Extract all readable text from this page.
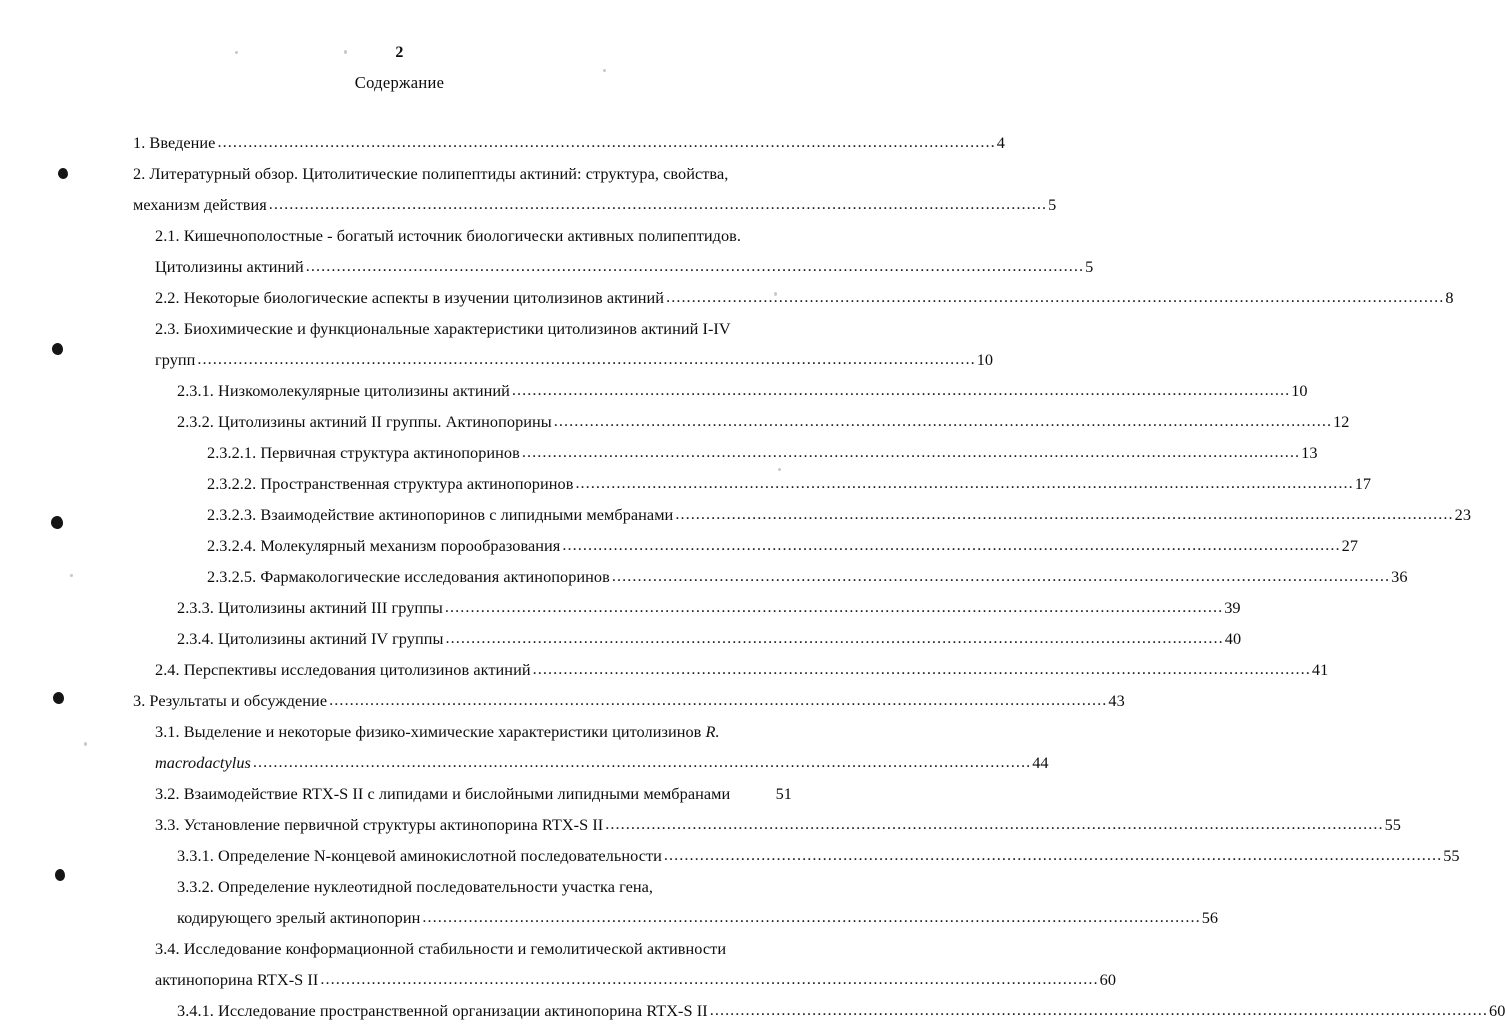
2
Содержание
1. Введение .....	4
2. Литературный обзор. Цитолитические полипептиды актиний: структура, свойства,
механизм действия .....	5
2.1. Кишечнополостные - богатый источник биологически активных полипептидов.
Цитолизины актиний .....	5
2.2. Некоторые биологические аспекты в изучении цитолизинов актиний .....	8
2.3. Биохимические и функциональные характеристики цитолизинов актиний I-IV
групп .....	10
2.3.1. Низкомолекулярные цитолизины актиний .....	10
2.3.2. Цитолизины актиний II группы. Актинопорины .....	12
2.3.2.1. Первичная структура актинопоринов .....	13
2.3.2.2. Пространственная структура актинопоринов .....	17
2.3.2.3. Взаимодействие актинопоринов с липидными мембранами .....	23
2.3.2.4. Молекулярный механизм порообразования .....	27
2.3.2.5. Фармакологические исследования актинопоринов .....	36
2.3.3. Цитолизины актиний III группы .....	39
2.3.4. Цитолизины актиний IV группы .....	40
2.4. Перспективы исследования цитолизинов актиний .....	41
3. Результаты и обсуждение .....	43
3.1. Выделение и некоторые физико-химические характеристики цитолизинов R.
macrodactylus .....	44
3.2. Взаимодействие RTX-S II с липидами и бислойными липидными мембранами	51
3.3. Установление первичной структуры актинопорина RTX-S II .....	55
3.3.1. Определение N-концевой аминокислотной последовательности .....	55
3.3.2. Определение нуклеотидной последовательности участка гена,
кодирующего зрелый актинопорин .....	56
3.4. Исследование конформационной стабильности и гемолитической активности
актинопорина RTX-S II .....	60
3.4.1. Исследование пространственной организации актинопорина RTX-S II .....	60
